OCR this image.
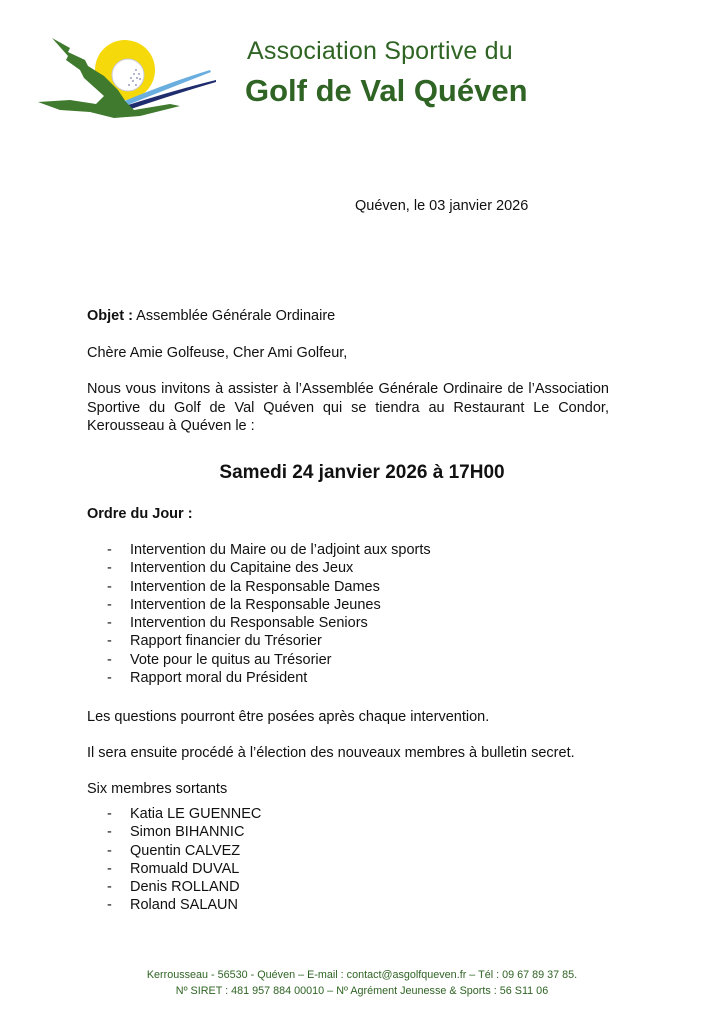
Association Sportive du
Golf de Val Quéven
Quéven, le 03 janvier 2026
Objet : Assemblée Générale Ordinaire
Chère Amie Golfeuse, Cher Ami Golfeur,
Nous vous invitons à assister à l’Assemblée Générale Ordinaire de l’Association Sportive du Golf de Val Quéven qui se tiendra au Restaurant Le Condor, Kerousseau à Quéven le :
Samedi 24 janvier 2026 à 17H00
Ordre du Jour :
- Intervention du Maire ou de l’adjoint aux sports
- Intervention du Capitaine des Jeux
- Intervention de la Responsable Dames
- Intervention de la Responsable Jeunes
- Intervention du Responsable Seniors
- Rapport financier du Trésorier
- Vote pour le quitus au Trésorier
- Rapport moral du Président
Les questions pourront être posées après chaque intervention.
Il sera ensuite procédé à l’élection des nouveaux membres à bulletin secret.
Six membres sortants
- Katia LE GUENNEC
- Simon BIHANNIC
- Quentin CALVEZ
- Romuald DUVAL
- Denis ROLLAND
- Roland SALAUN
Kerrousseau - 56530 - Quéven – E-mail : contact@asgolfqueven.fr – Tél : 09 67 89 37 85.
Nº SIRET : 481 957 884 00010 – Nº Agrément Jeunesse & Sports : 56 S11 06
